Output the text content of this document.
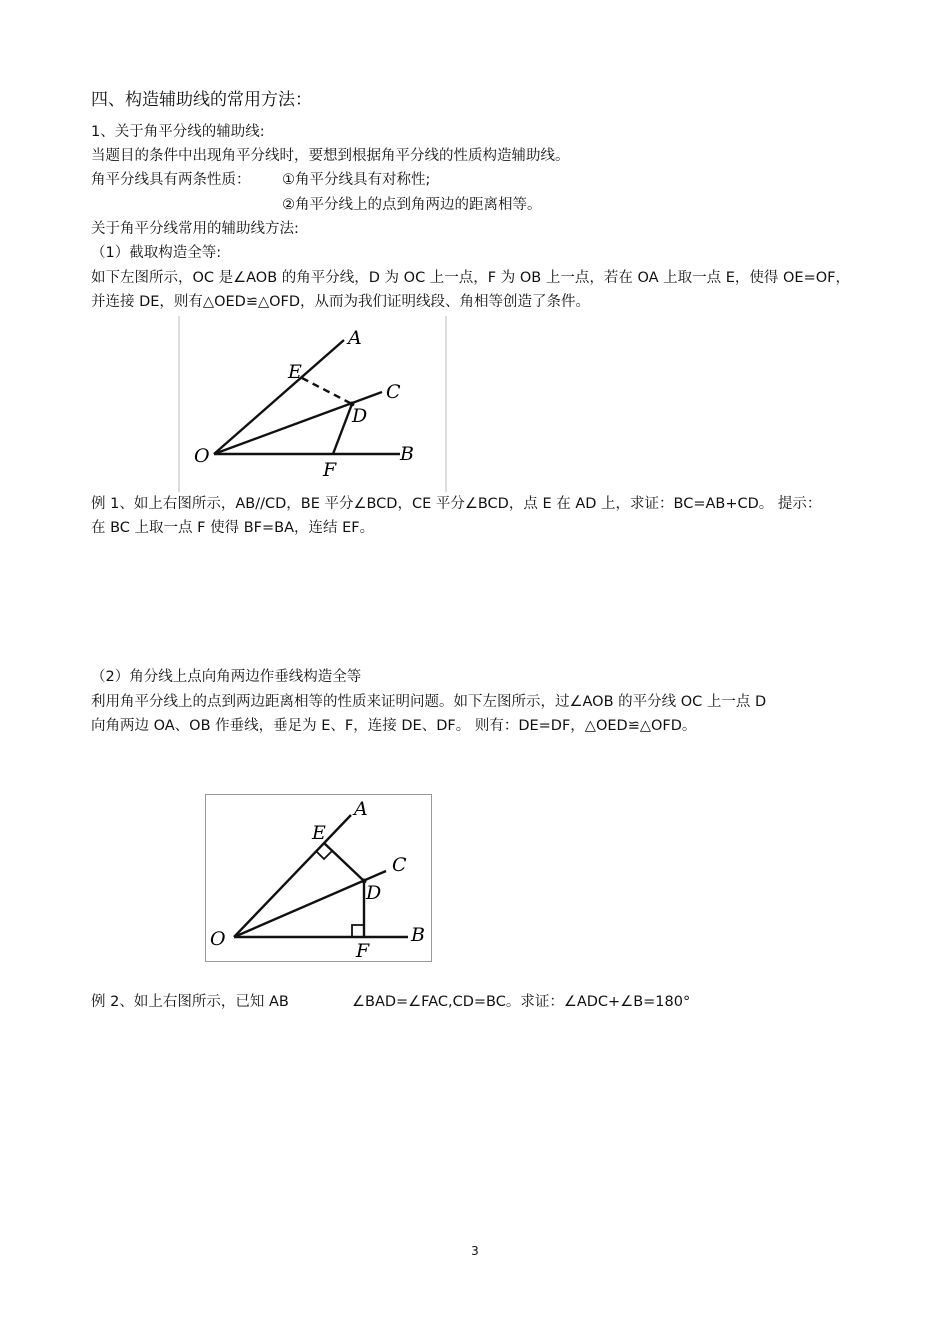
四、构造辅助线的常用方法：

1、关于角平分线的辅助线:

当题目的条件中出现角平分线时，要想到根据角平分线的性质构造辅助线。

角平分线具有两条性质： ①角平分线具有对称性;

②角平分线上的点到角两边的距离相等。

关于角平分线常用的辅助线方法:

（1）截取构造全等:

如下左图所示，OC 是∠AOB 的角平分线，D 为 OC 上一点，F 为 OB 上一点，若在 OA 上取一点 E，使得 OE=OF，

并连接 DE，则有△OED≌△OFD，从而为我们证明线段、角相等创造了条件。

A
B
C
D
E
F
O

例 1、如上右图所示，AB//CD，BE 平分∠BCD，CE 平分∠BCD，点 E 在 AD 上，求证：BC=AB+CD。 提示：

在 BC 上取一点 F 使得 BF=BA，连结 EF。

（2）角分线上点向角两边作垂线构造全等

利用角平分线上的点到两边距离相等的性质来证明问题。如下左图所示，过∠AOB 的平分线 OC 上一点 D

向角两边 OA、OB 作垂线，垂足为 E、F，连接 DE、DF。 则有：DE=DF，△OED≌△OFD。

A
B
C
D
E
F
O

例 2、如上右图所示，已知 AB	∠BAD=∠FAC,CD=BC。求证：∠ADC+∠B=180°

3
